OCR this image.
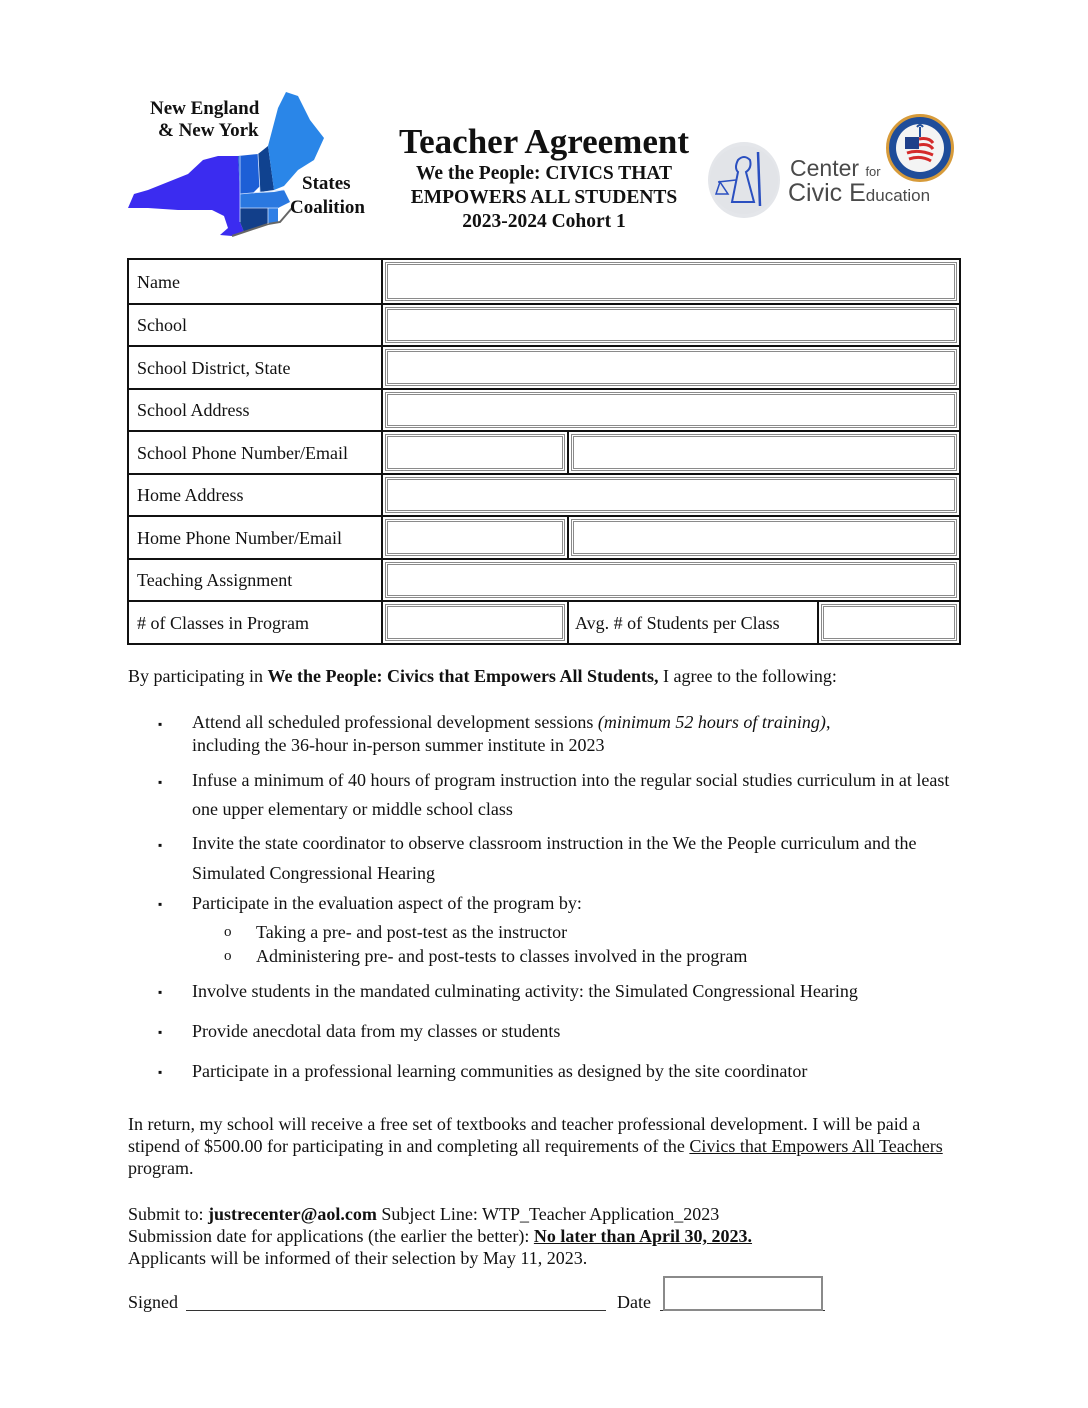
New England
& New York
States
Coalition
Teacher Agreement
We the People: CIVICS THAT
EMPOWERS ALL STUDENTS
2023-2024 Cohort 1
Center for
Civic Education
Name
School
School District, State
School Address
School Phone Number/Email
Home Address
Home Phone Number/Email
Teaching Assignment
# of Classes in Program	Avg. # of Students per Class
By participating in We the People: Civics that Empowers All Students, I agree to the following:
▪ Attend all scheduled professional development sessions (minimum 52 hours of training),
including the 36-hour in-person summer institute in 2023
▪ Infuse a minimum of 40 hours of program instruction into the regular social studies curriculum in at least one upper elementary or middle school class
▪ Invite the state coordinator to observe classroom instruction in the We the People curriculum and the Simulated Congressional Hearing
▪ Participate in the evaluation aspect of the program by:
o Taking a pre- and post-test as the instructor
o Administering pre- and post-tests to classes involved in the program
▪ Involve students in the mandated culminating activity: the Simulated Congressional Hearing
▪ Provide anecdotal data from my classes or students
▪ Participate in a professional learning communities as designed by the site coordinator
In return, my school will receive a free set of textbooks and teacher professional development. I will be paid a stipend of $500.00 for participating in and completing all requirements of the Civics that Empowers All Teachers program.
Submit to: justrecenter@aol.com Subject Line: WTP_Teacher Application_2023
Submission date for applications (the earlier the better): No later than April 30, 2023.
Applicants will be informed of their selection by May 11, 2023.
Signed	Date
